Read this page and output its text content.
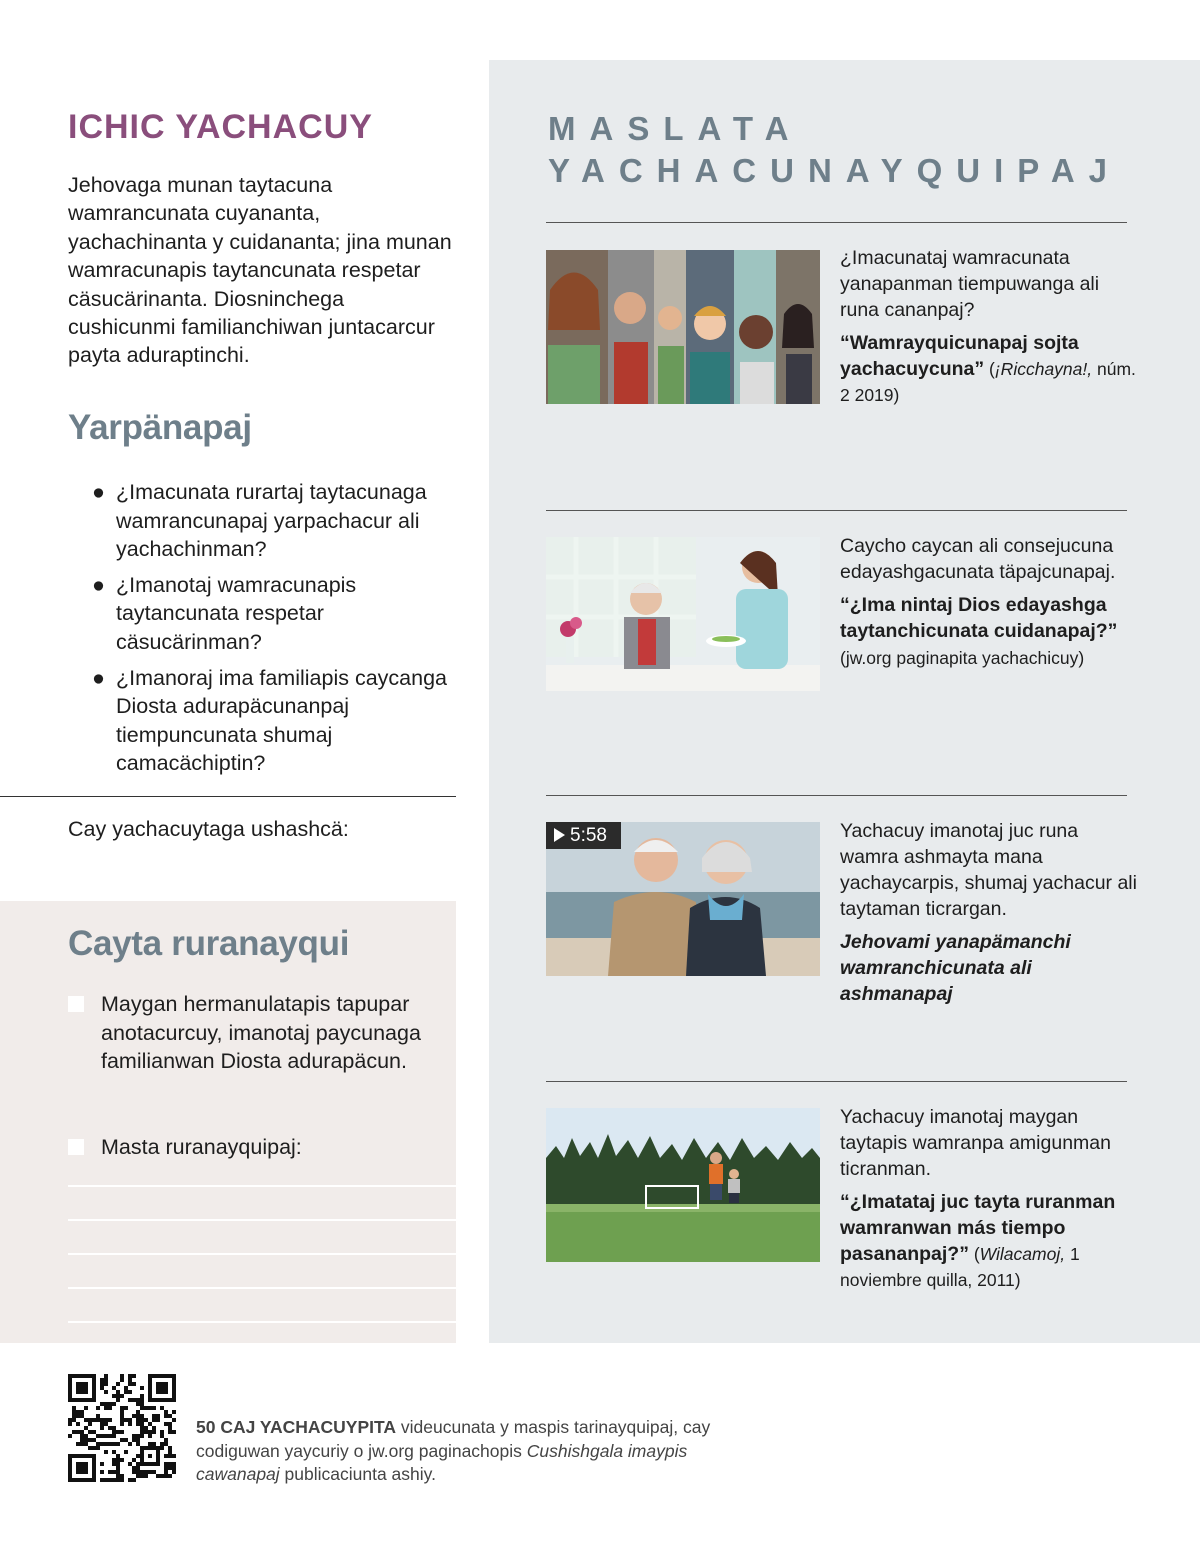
ICHIC YACHACUY

Jehovaga munan taytacuna wamrancunata cuyananta, yachachinanta y cuidananta; jina munan wamracunapis taytancunata respetar cäsucärinanta. Diosninchega cushicunmi familianchiwan juntacarcur payta aduraptinchi.

Yarpänapaj
● ¿Imacunata rurartaj taytacunaga wamrancunapaj yarpachacur ali yachachinman?
● ¿Imanotaj wamracunapis taytancunata respetar cäsucärinman?
● ¿Imanoraj ima familiapis caycanga Diosta adurapäcunanpaj tiempuncunata shumaj camacächiptin?

Cay yachacuytaga ushashcä:

Cayta ruranayqui
Maygan hermanulatapis tapupar anotacurcuy, imanotaj paycunaga familianwan Diosta adurapäcun.
Masta ruranayquipaj:
MASLATA YACHACUNAYQUIPAJ

¿Imacunataj wamracunata yanapanman tiempuwanga ali runa cananpaj?

“Wamrayquicunapaj sojta yachacuycuna” (¡Ricchayna!, núm. 2 2019)

Caycho caycan ali consejucuna edayashgacunata täpajcunapaj.

“¿Ima nintaj Dios edayashga taytanchicunata cuidanapaj?”

(jw.org paginapita yachachicuy)

5:58	Yachacuy imanotaj juc runa wamra ashmayta mana yachaycarpis, shumaj yachacur ali taytaman ticrargan.

Jehovami yanapämanchi wamranchicunata ali ashmanapaj

Yachacuy imanotaj maygan taytapis wamranpa amigunman ticranman.

“¿Imatataj juc tayta ruranman wamranwan más tiempo pasananpaj?” (Wilacamoj, 1 noviembre quilla, 2011)

50 CAJ YACHACUYPITA videucunata y maspis tarinayquipaj, cay codiguwan yaycuriy o jw.org paginachopis Cushishgala imaypis cawanapaj publicaciunta ashiy.
